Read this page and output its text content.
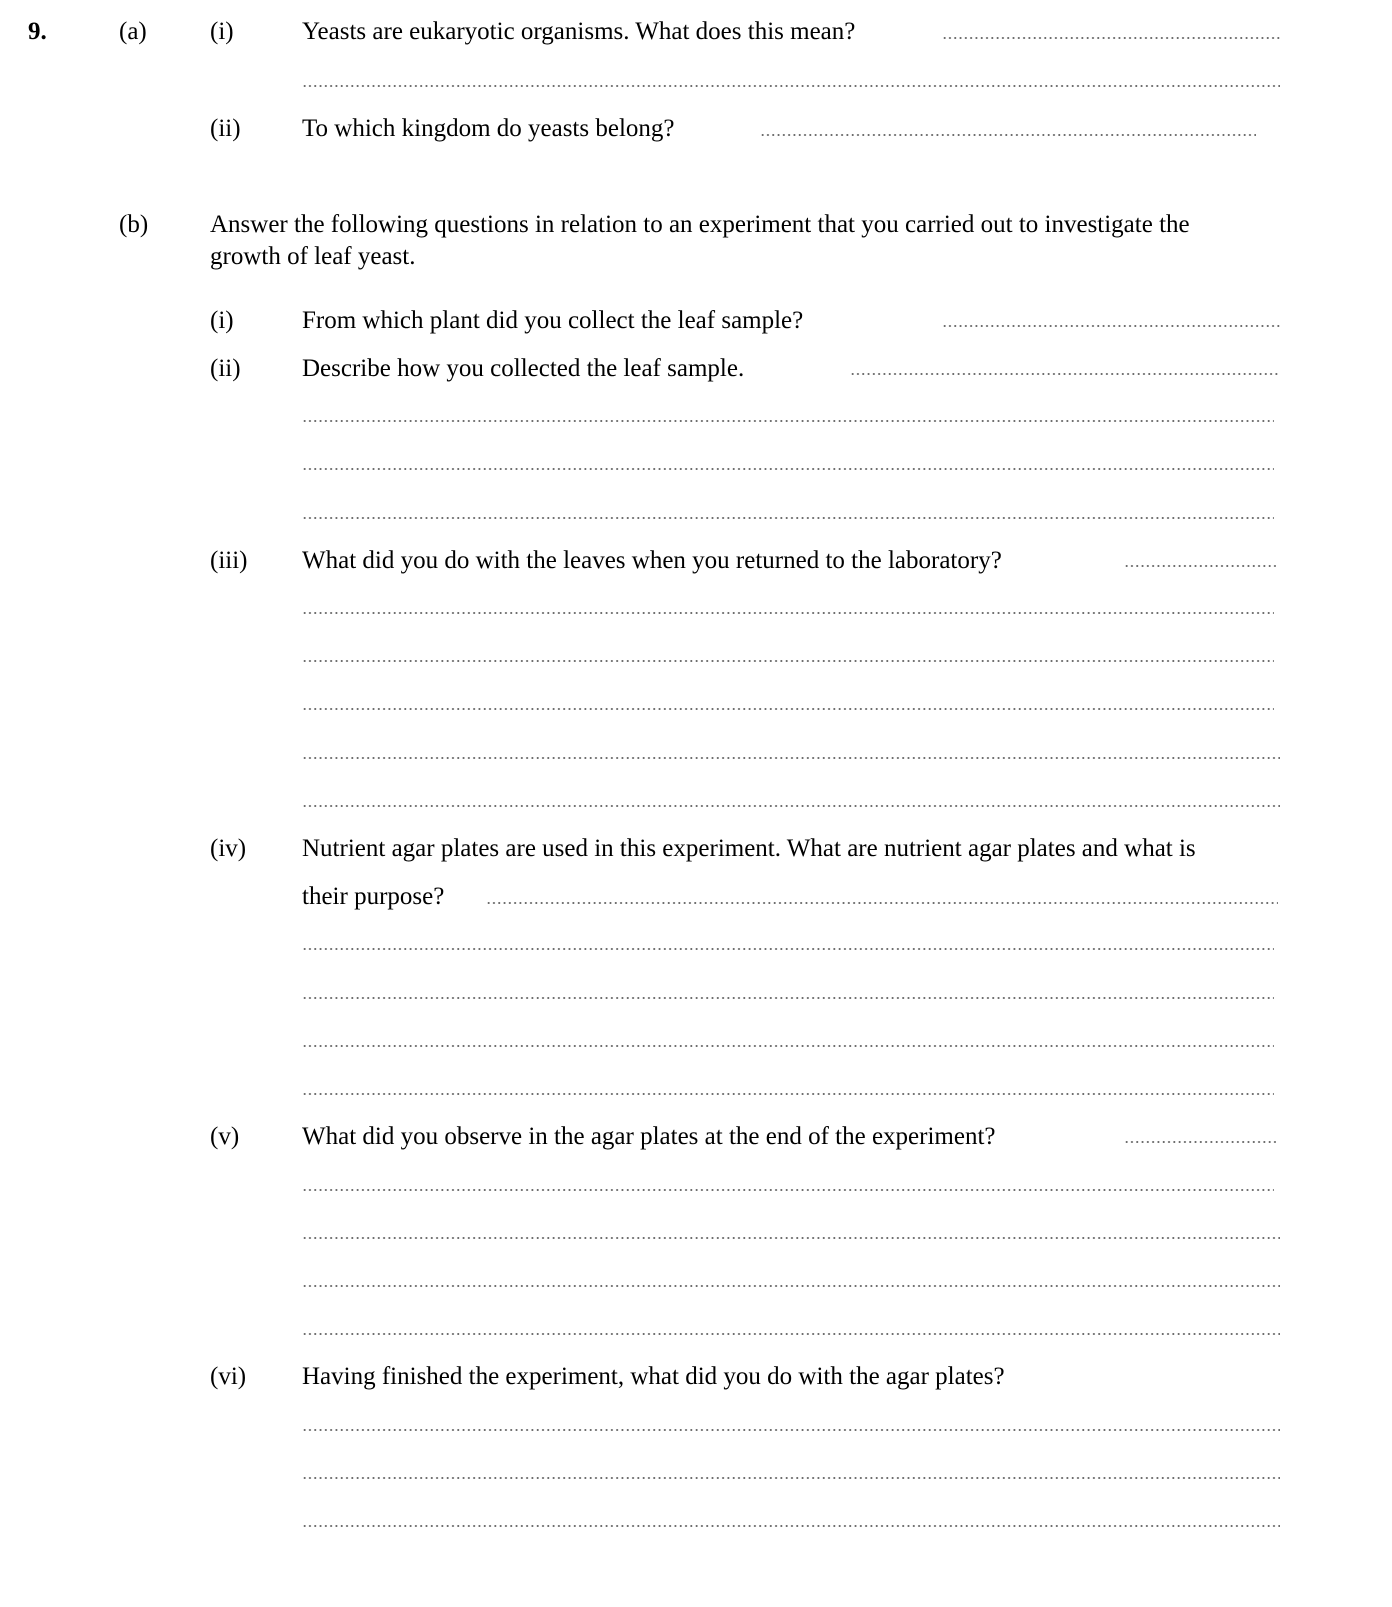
9.	(a)	(i)	Yeasts are eukaryotic organisms. What does this mean?
(ii) To which kingdom do yeasts belong?
(b) Answer the following questions in relation to an experiment that you carried out to investigate the
growth of leaf yeast.
(i)	From which plant did you collect the leaf sample?
(ii) Describe how you collected the leaf sample.
(iii) What did you do with the leaves when you returned to the laboratory?
(iv) Nutrient agar plates are used in this experiment. What are nutrient agar plates and what is
their purpose?
(v)	What did you observe in the agar plates at the end of the experiment?
(vi) Having finished the experiment, what did you do with the agar plates?
